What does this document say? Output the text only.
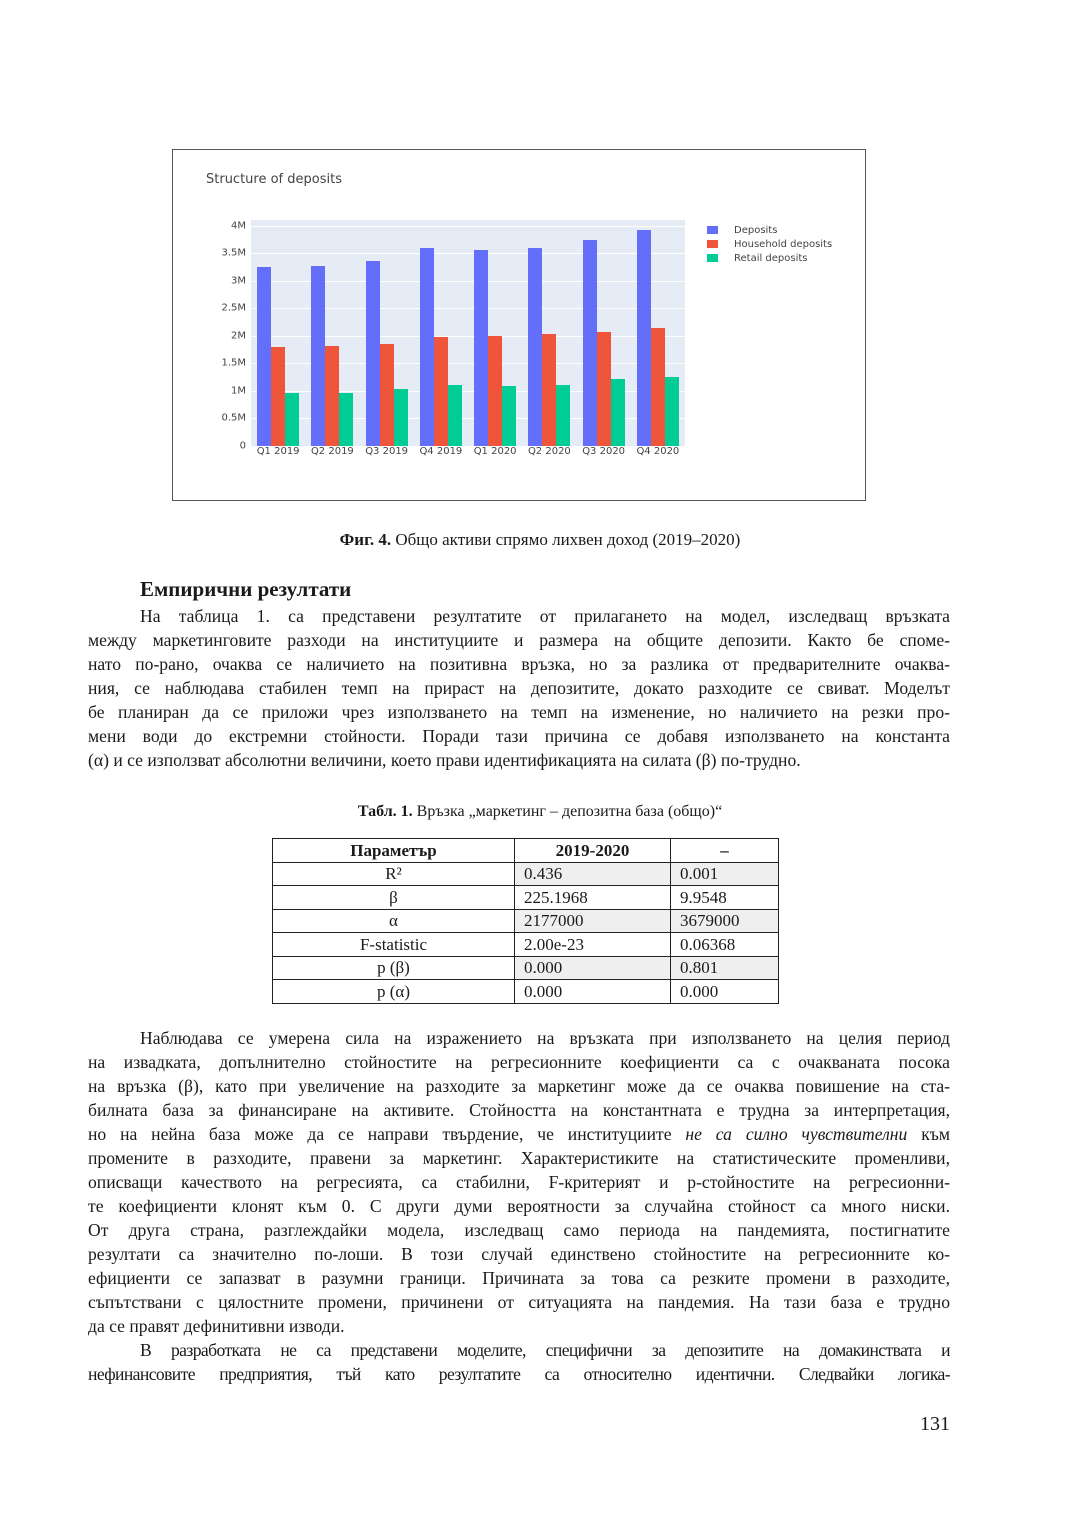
Structure of deposits
0
0.5M
1M
1.5M
2M
2.5M
3M
3.5M
4M
Q1 2019 Q2 2019 Q3 2019 Q4 2019 Q1 2020 Q2 2020 Q3 2020 Q4 2020
Deposits
Household deposits
Retail deposits
Фиг. 4. Общо активи спрямо лихвен доход (2019–2020)
Емпирични резултати
На таблица 1. са представени резултатите от прилагането на модел, изследващ връзката
между маркетинговите разходи на институциите и размера на общите депозити. Както бе споме-
нато по-рано, очаква се наличието на позитивна връзка, но за разлика от предварителните очаква-
ния, се наблюдава стабилен темп на прираст на депозитите, докато разходите се свиват. Моделът
бе планиран да се приложи чрез използването на темп на изменение, но наличието на резки про-
мени води до екстремни стойности. Поради тази причина се добавя използването на константа
(α) и се използват абсолютни величини, което прави идентификацията на силата (β) по-трудно.
Табл. 1. Връзка „маркетинг – депозитна база (общо)“
Параметър	2019-2020	–
R²	0.436	0.001
β	225.1968	9.9548
α	2177000	3679000
F-statistic	2.00e-23	0.06368
p (β)	0.000	0.801
p (α)	0.000	0.000
Наблюдава се умерена сила на изражението на връзката при използването на целия период
на извадката, допълнително стойностите на регресионните коефициенти са с очакваната посока
на връзка (β), като при увеличение на разходите за маркетинг може да се очаква повишение на ста-
билната база за финансиране на активите. Стойността на константната е трудна за интерпретация,
но на нейна база може да се направи твърдение, че институциите не са силно чувствителни към
промените в разходите, правени за маркетинг. Характеристиките на статистическите променливи,
описващи качеството на регресията, са стабилни, F-критерият и p-стойностите на регресионни-
те коефициенти клонят към 0. С други думи вероятности за случайна стойност са много ниски.
От друга страна, разглеждайки модела, изследващ само периода на пандемията, постигнатите
резултати са значително по-лоши. В този случай единствено стойностите на регресионните ко-
ефициенти се запазват в разумни граници. Причината за това са резките промени в разходите,
съпътствани с цялостните промени, причинени от ситуацията на пандемия. На тази база е трудно
да се правят дефинитивни изводи.
В разработката не са представени моделите, специфични за депозитите на домакинствата и
нефинансовите предприятия, тъй като резултатите са относително идентични. Следвайки логика-
131
